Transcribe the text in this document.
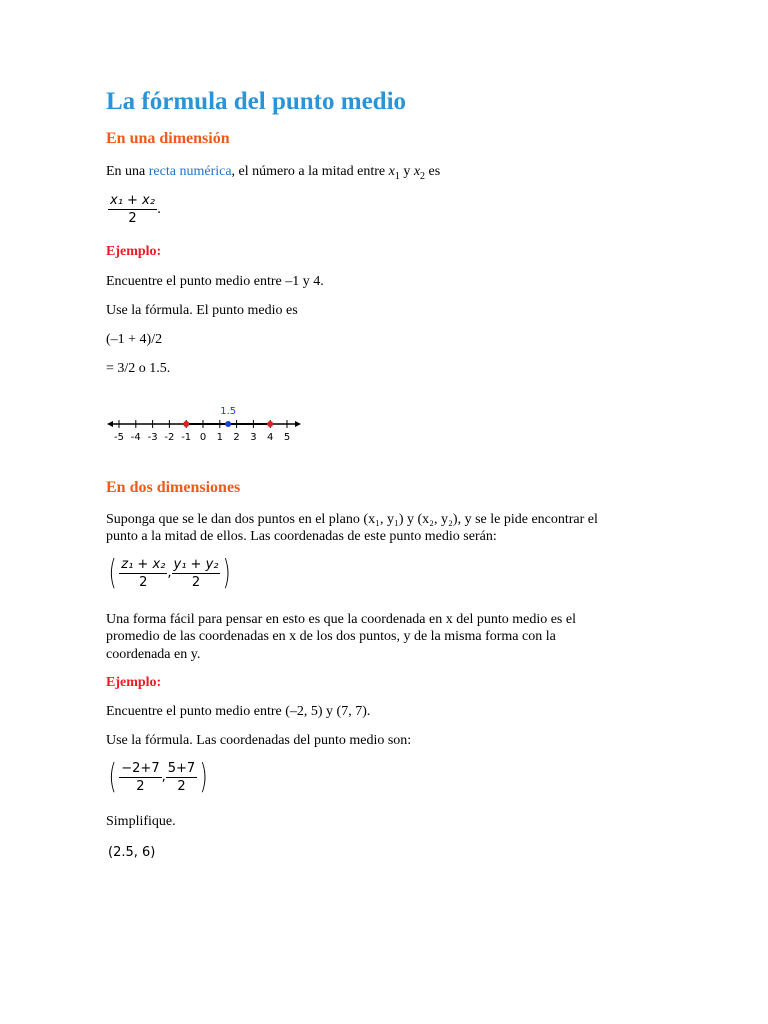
La fórmula del punto medio
En una dimensión
En una recta numérica, el número a la mitad entre $x_1$ y $x_2$ es
$\frac{\text{x₁ + x₂}}{2}$ .
Ejemplo:
Encuentre el punto medio entre –1 y 4.
Use la fórmula. El punto medio es
(–1 + 4)/2
= 3/2 o 1.5.
-5 -4 -3 -2 -1 0 1 2 3 4 5
1.5
En dos dimensiones
Suponga que se le dan dos puntos en el plano (x₁, y₁) y (x₂, y₂), y se le pide encontrar el
punto a la mitad de ellos. Las coordenadas de este punto medio serán:
( $\frac{\text{z₁ + x₂}}{2}$ , $\frac{\text{y₁ + y₂}}{2}$ )
Una forma fácil para pensar en esto es que la coordenada en x del punto medio es el
promedio de las coordenadas en x de los dos puntos, y de la misma forma con la
coordenada en y.
Ejemplo:
Encuentre el punto medio entre (–2, 5) y (7, 7).
Use la fórmula. Las coordenadas del punto medio son:
( $\frac{-2+7}{2}$ , $\frac{5+7}{2}$ )
Simplifique.
(2.5, 6)
